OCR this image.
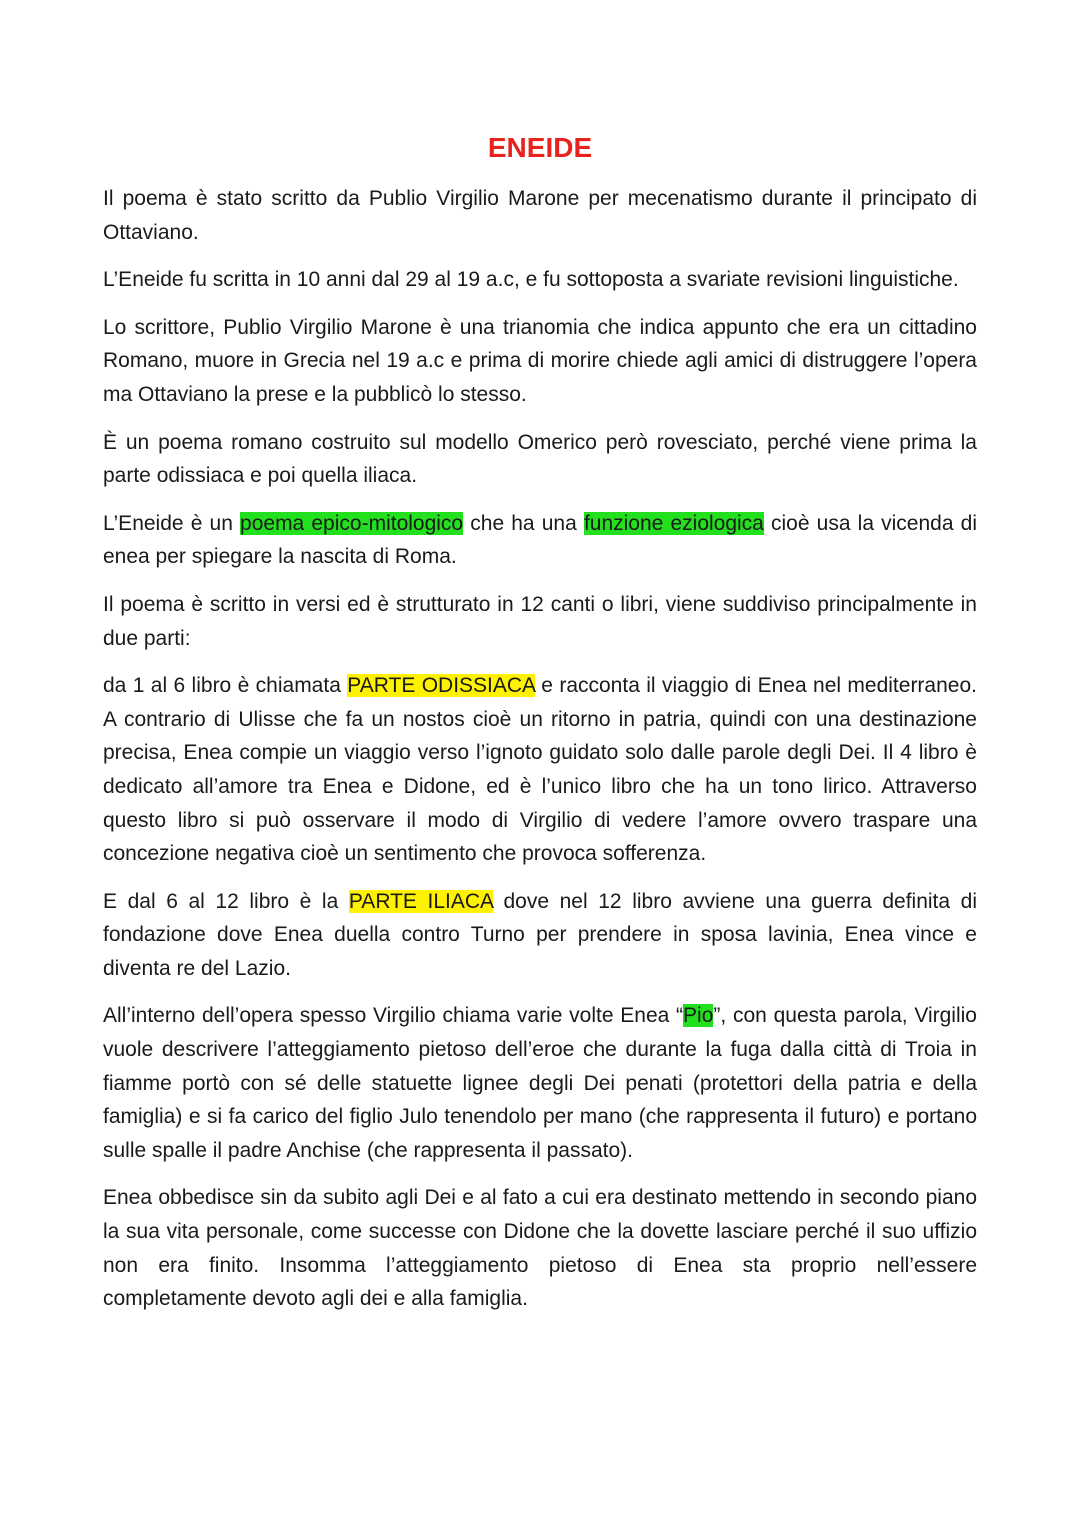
ENEIDE

Il poema è stato scritto da Publio Virgilio Marone per mecenatismo durante il principato di Ottaviano.

L’Eneide fu scritta in 10 anni dal 29 al 19 a.c, e fu sottoposta a svariate revisioni linguistiche.

Lo scrittore, Publio Virgilio Marone è una trianomia che indica appunto che era un cittadino Romano, muore in Grecia nel 19 a.c e prima di morire chiede agli amici di distruggere l’opera ma Ottaviano la prese e la pubblicò lo stesso.

È un poema romano costruito sul modello Omerico però rovesciato, perché viene prima la parte odissiaca e poi quella iliaca.

L’Eneide è un poema epico-mitologico che ha una funzione eziologica cioè usa la vicenda di enea per spiegare la nascita di Roma.

Il poema è scritto in versi ed è strutturato in 12 canti o libri, viene suddiviso principalmente in due parti:

da 1 al 6 libro è chiamata PARTE ODISSIACA e racconta il viaggio di Enea nel mediterraneo. A contrario di Ulisse che fa un nostos cioè un ritorno in patria, quindi con una destinazione precisa, Enea compie un viaggio verso l’ignoto guidato solo dalle parole degli Dei. Il 4 libro è dedicato all’amore tra Enea e Didone, ed è l’unico libro che ha un tono lirico. Attraverso questo libro si può osservare il modo di Virgilio di vedere l’amore ovvero traspare una concezione negativa cioè un sentimento che provoca sofferenza.

E dal 6 al 12 libro è la PARTE ILIACA dove nel 12 libro avviene una guerra definita di fondazione dove Enea duella contro Turno per prendere in sposa lavinia, Enea vince e diventa re del Lazio.

All’interno dell’opera spesso Virgilio chiama varie volte Enea “Pio”, con questa parola, Virgilio vuole descrivere l’atteggiamento pietoso dell’eroe che durante la fuga dalla città di Troia in fiamme portò con sé delle statuette lignee degli Dei penati (protettori della patria e della famiglia) e si fa carico del figlio Julo tenendolo per mano (che rappresenta il futuro) e portano sulle spalle il padre Anchise (che rappresenta il passato).

Enea obbedisce sin da subito agli Dei e al fato a cui era destinato mettendo in secondo piano la sua vita personale, come successe con Didone che la dovette lasciare perché il suo uffizio non era finito. Insomma l’atteggiamento pietoso di Enea sta proprio nell’essere completamente devoto agli dei e alla famiglia.
